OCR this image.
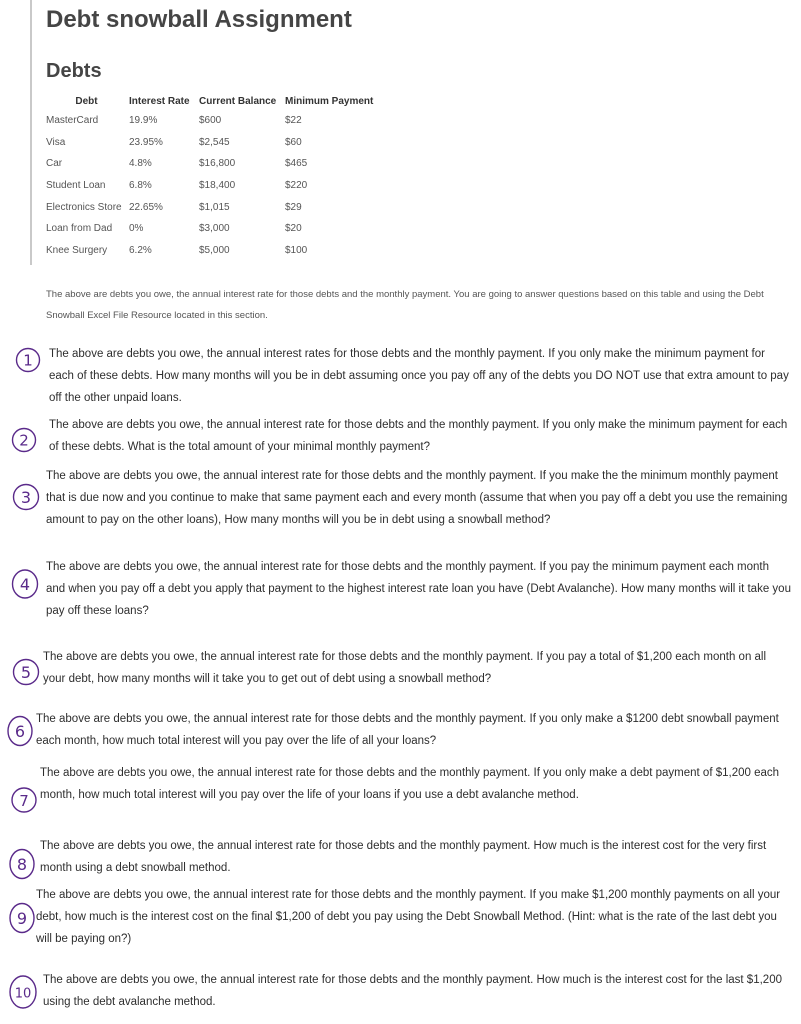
Debt snowball Assignment
Debts
Debt	Interest Rate	Current Balance	Minimum Payment
MasterCard	19.9%	$600	$22
Visa	23.95%	$2,545	$60
Car	4.8%	$16,800	$465
Student Loan	6.8%	$18,400	$220
Electronics Store	22.65%	$1,015	$29
Loan from Dad	0%	$3,000	$20
Knee Surgery	6.2%	$5,000	$100

The above are debts you owe, the annual interest rate for those debts and the monthly payment. You are going to answer questions based on this table and using the Debt Snowball Excel File Resource located in this section.

1 The above are debts you owe, the annual interest rates for those debts and the monthly payment. If you only make the minimum payment for each of these debts. How many months will you be in debt assuming once you pay off any of the debts you DO NOT use that extra amount to pay off the other unpaid loans.

2

The above are debts you owe, the annual interest rate for those debts and the monthly payment. If you only make the minimum payment for each of these debts. What is the total amount of your minimal monthly payment?

3

The above are debts you owe, the annual interest rate for those debts and the monthly payment. If you make the the minimum monthly payment that is due now and you continue to make that same payment each and every month (assume that when you pay off a debt you use the remaining amount to pay on the other loans), How many months will you be in debt using a snowball method?

4

The above are debts you owe, the annual interest rate for those debts and the monthly payment. If you pay the minimum payment each month and when you pay off a debt you apply that payment to the highest interest rate loan you have (Debt Avalanche). How many months will it take you pay off these loans?

5

The above are debts you owe, the annual interest rate for those debts and the monthly payment. If you pay a total of $1,200 each month on all your debt, how many months will it take you to get out of debt using a snowball method?

6

The above are debts you owe, the annual interest rate for those debts and the monthly payment. If you only make a $1200 debt snowball payment each month, how much total interest will you pay over the life of all your loans?

7

The above are debts you owe, the annual interest rate for those debts and the monthly payment. If you only make a debt payment of $1,200 each month, how much total interest will you pay over the life of your loans if you use a debt avalanche method.

8

The above are debts you owe, the annual interest rate for those debts and the monthly payment. How much is the interest cost for the very first month using a debt snowball method.

9

The above are debts you owe, the annual interest rate for those debts and the monthly payment. If you make $1,200 monthly payments on all your debt, how much is the interest cost on the final $1,200 of debt you pay using the Debt Snowball Method. (Hint: what is the rate of the last debt you will be paying on?)

10

The above are debts you owe, the annual interest rate for those debts and the monthly payment. How much is the interest cost for the last $1,200 using the debt avalanche method.
